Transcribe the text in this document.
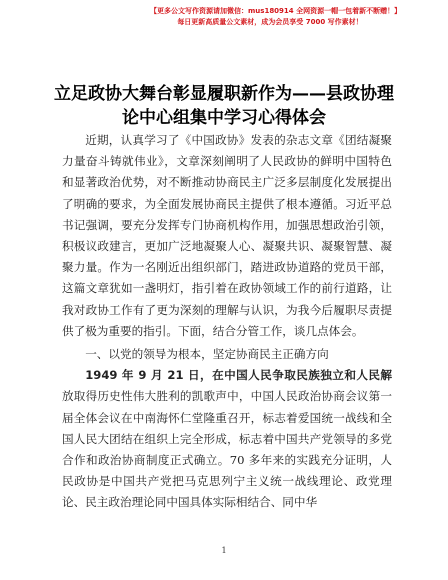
【更多公文写作资源请加微信：mus180914 全网资源一帽一包着新不断赠！】
每日更新高质量公文素材，成为会员享受 7000 写作素材！
立足政协大舞台彰显履职新作为——县政协理
论中心组集中学习心得体会

近期，认真学习了《中国政协》发表的杂志文章《团结凝聚力量奋斗铸就伟业》，文章深刻阐明了人民政协的鲜明中国特色和显著政治优势，对不断推动协商民主广泛多层制度化发展提出了明确的要求，为全面发展协商民主提供了根本遵循。习近平总书记强调，要充分发挥专门协商机构作用，加强思想政治引领，积极议政建言，更加广泛地凝聚人心、凝聚共识、凝聚智慧、凝聚力量。作为一名刚近出组织部门，踏进政协道路的党员干部，这篇文章犹如一盏明灯，指引着在政协领域工作的前行道路，让我对政协工作有了更为深刻的理解与认识，为我今后履职尽责提供了极为重要的指引。下面，结合分管工作，谈几点体会。

一、以党的领导为根本，坚定协商民主正确方向

1949 年 9 月 21 日，在中国人民争取民族独立和人民解放取得历史性伟大胜利的凯歌声中，中国人民政治协商会议第一届全体会议在中南海怀仁堂隆重召开，标志着爱国统一战线和全国人民大团结在组织上完全形成，标志着中国共产党领导的多党合作和政治协商制度正式确立。70 多年来的实践充分证明，人民政协是中国共产党把马克思列宁主义统一战线理论、政党理论、民主政治理论同中国具体实际相结合、同中华

1
